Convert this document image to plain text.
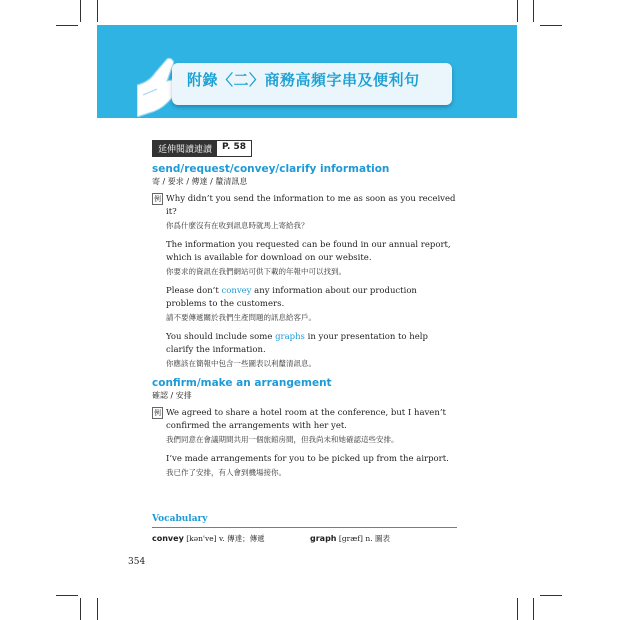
附錄〈二〉商務高頻字串及便利句
延伸閱讀連讀	P. 58
send/request/convey/clarify information
寄 / 要求 / 傳達 / 釐清訊息
例 Why didn’t you send the information to me as soon as you received it?
你爲什麼沒有在收到訊息時就馬上寄給我？
The information you requested can be found in our annual report, which is available for download on our website.
你要求的資訊在我們網站可供下載的年報中可以找到。
Please don’t convey any information about our production problems to the customers.
請不要傳遞關於我們生產問題的訊息給客戶。
You should include some graphs in your presentation to help clarify the information.
你應該在簡報中包含一些圖表以利釐清訊息。
confirm/make an arrangement
確認 / 安排
例 We agreed to share a hotel room at the conference, but I haven’t confirmed the arrangements with her yet.
我們同意在會議期間共用一個旅館房間，但我尚未和她確認這些安排。
I’ve made arrangements for you to be picked up from the airport.
我已作了安排，有人會到機場接你。
Vocabulary
convey [kən'vе] v. 傳達；傳遞	graph [græf] n. 圖表
354
